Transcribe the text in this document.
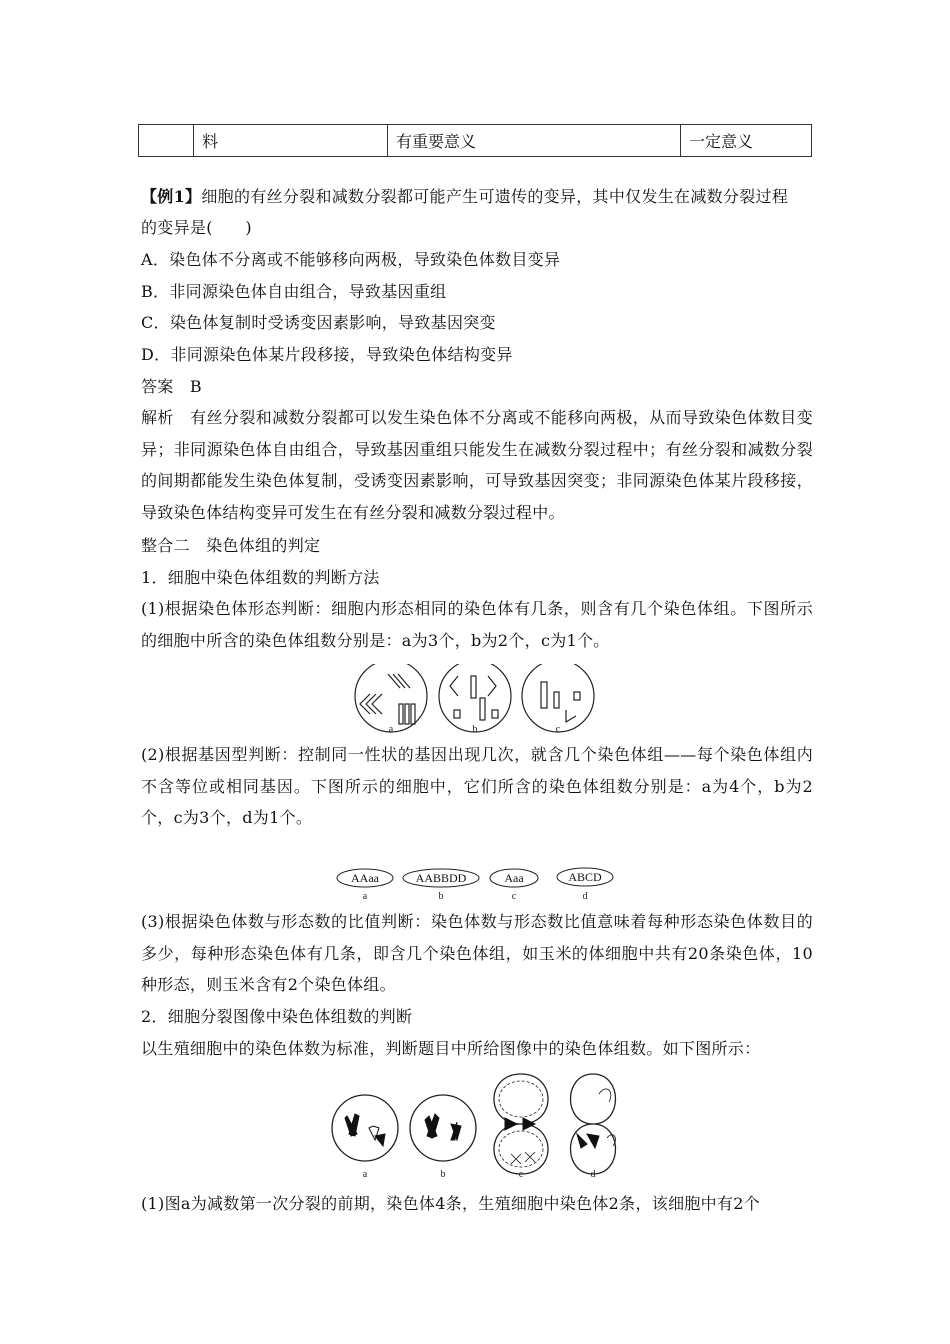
	料	有重要意义	一定意义
【例1】细胞的有丝分裂和减数分裂都可能产生可遗传的变异，其中仅发生在减数分裂过程
的变异是(　　)
A．染色体不分离或不能够移向两极，导致染色体数目变异
B．非同源染色体自由组合，导致基因重组
C．染色体复制时受诱变因素影响，导致基因突变
D．非同源染色体某片段移接，导致染色体结构变异
答案　B
解析　有丝分裂和减数分裂都可以发生染色体不分离或不能移向两极，从而导致染色体数目变异；非同源染色体自由组合，导致基因重组只能发生在减数分裂过程中；有丝分裂和减数分裂的间期都能发生染色体复制，受诱变因素影响，可导致基因突变；非同源染色体某片段移接，导致染色体结构变异可发生在有丝分裂和减数分裂过程中。
整合二　染色体组的判定
1．细胞中染色体组数的判断方法
(1)根据染色体形态判断：细胞内形态相同的染色体有几条，则含有几个染色体组。下图所示的细胞中所含的染色体组数分别是：a为3个，b为2个，c为1个。
a	b	c
(2)根据基因型判断：控制同一性状的基因出现几次，就含几个染色体组——每个染色体组内不含等位或相同基因。下图所示的细胞中，它们所含的染色体组数分别是：a为4个，b为2个，c为3个，d为1个。
AAaa	AABBDD	Aaa	ABCD
a	b	c	d
(3)根据染色体数与形态数的比值判断：染色体数与形态数比值意味着每种形态染色体数目的多少，每种形态染色体有几条，即含几个染色体组，如玉米的体细胞中共有20条染色体，10种形态，则玉米含有2个染色体组。
2．细胞分裂图像中染色体组数的判断
以生殖细胞中的染色体数为标准，判断题目中所给图像中的染色体组数。如下图所示：
a	b	c	d
(1)图a为减数第一次分裂的前期，染色体4条，生殖细胞中染色体2条，该细胞中有2个
